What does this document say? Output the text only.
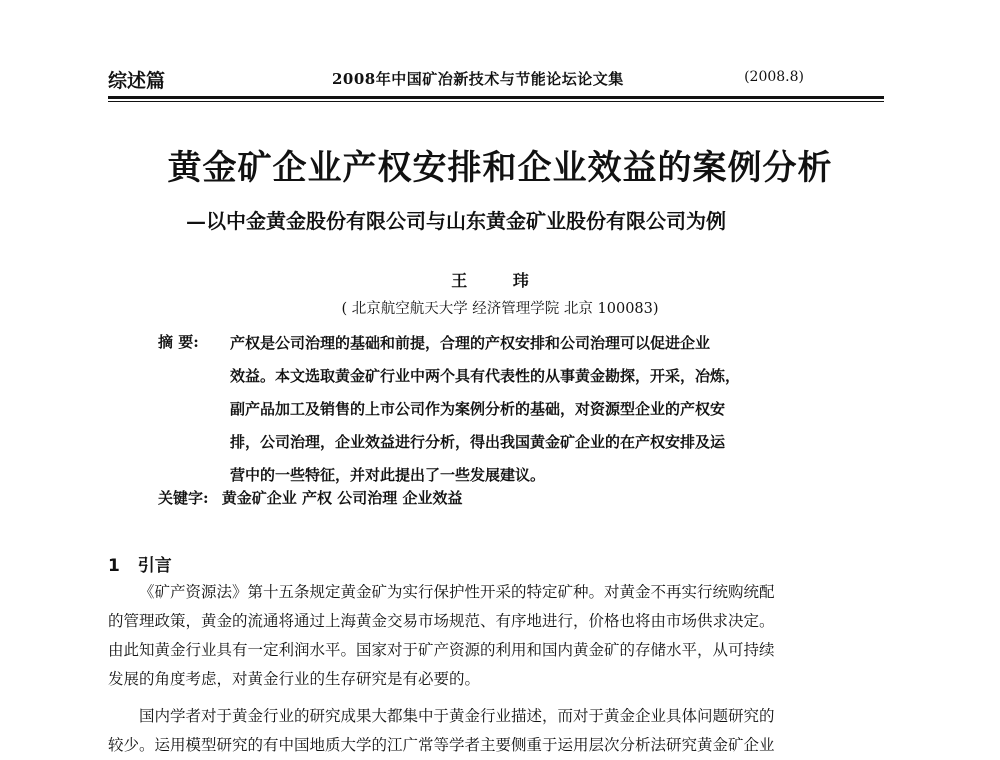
综述篇	2008年中国矿冶新技术与节能论坛论文集	(2008.8)
黄金矿企业产权安排和企业效益的案例分析
—以中金黄金股份有限公司与山东黄金矿业股份有限公司为例
王 玮
( 北京航空航天大学 经济管理学院 北京 100083)
摘 要: 产权是公司治理的基础和前提，合理的产权安排和公司治理可以促进企业
效益。本文选取黄金矿行业中两个具有代表性的从事黄金勘探，开采，冶炼，
副产品加工及销售的上市公司作为案例分析的基础，对资源型企业的产权安
排，公司治理，企业效益进行分析，得出我国黄金矿企业的在产权安排及运
营中的一些特征，并对此提出了一些发展建议。
关键字: 黄金矿企业 产权 公司治理 企业效益
1 引言
《矿产资源法》第十五条规定黄金矿为实行保护性开采的特定矿种。对黄金不再实行统购统配
的管理政策，黄金的流通将通过上海黄金交易市场规范、有序地进行，价格也将由市场供求决定。
由此知黄金行业具有一定利润水平。国家对于矿产资源的利用和国内黄金矿的存储水平，从可持续
发展的角度考虑，对黄金行业的生存研究是有必要的。
国内学者对于黄金行业的研究成果大都集中于黄金行业描述，而对于黄金企业具体问题研究的
较少。运用模型研究的有中国地质大学的江广常等学者主要侧重于运用层次分析法研究黄金矿企业
